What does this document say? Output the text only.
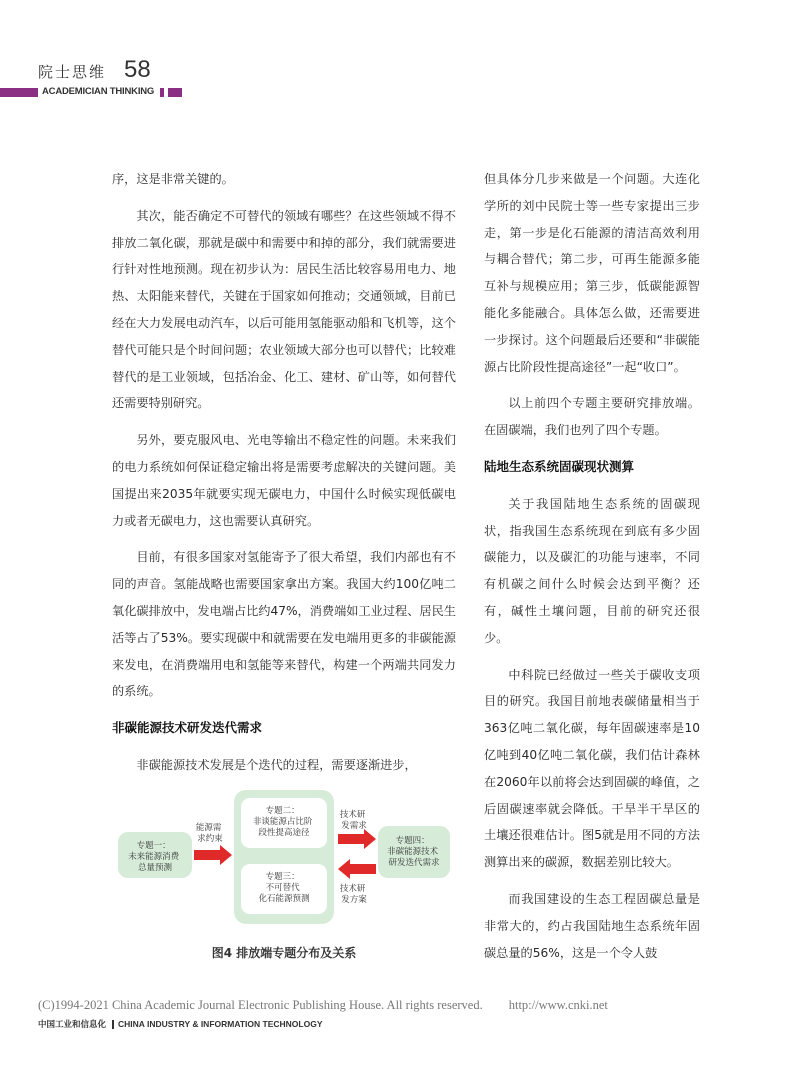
院士思维 58
ACADEMICIAN THINKING

序，这是非常关键的。

其次，能否确定不可替代的领域有哪些？在这些领域不得不排放二氧化碳，那就是碳中和需要中和掉的部分，我们就需要进行针对性地预测。现在初步认为：居民生活比较容易用电力、地热、太阳能来替代，关键在于国家如何推动；交通领域，目前已经在大力发展电动汽车，以后可能用氢能驱动船和飞机等，这个替代可能只是个时间问题；农业领域大部分也可以替代；比较难替代的是工业领域，包括冶金、化工、建材、矿山等，如何替代还需要特别研究。

另外，要克服风电、光电等输出不稳定性的问题。未来我们的电力系统如何保证稳定输出将是需要考虑解决的关键问题。美国提出来2035年就要实现无碳电力，中国什么时候实现低碳电力或者无碳电力，这也需要认真研究。

目前，有很多国家对氢能寄予了很大希望，我们内部也有不同的声音。氢能战略也需要国家拿出方案。我国大约100亿吨二氧化碳排放中，发电端占比约47%，消费端如工业过程、居民生活等占了53%。要实现碳中和就需要在发电端用更多的非碳能源来发电，在消费端用电和氢能等来替代，构建一个两端共同发力的系统。

非碳能源技术研发迭代需求

非碳能源技术发展是个迭代的过程，需要逐渐进步，

但具体分几步来做是一个问题。大连化学所的刘中民院士等一些专家提出三步走，第一步是化石能源的清洁高效利用与耦合替代；第二步，可再生能源多能互补与规模应用；第三步，低碳能源智能化多能融合。具体怎么做，还需要进一步探讨。这个问题最后还要和“非碳能源占比阶段性提高途径”一起“收口”。

以上前四个专题主要研究排放端。在固碳端，我们也列了四个专题。

陆地生态系统固碳现状测算

关于我国陆地生态系统的固碳现状，指我国生态系统现在到底有多少固碳能力，以及碳汇的功能与速率，不同有机碳之间什么时候会达到平衡？还有，碱性土壤问题，目前的研究还很少。

中科院已经做过一些关于碳收支项目的研究。我国目前地表碳储量相当于363亿吨二氧化碳，每年固碳速率是10亿吨到40亿吨二氧化碳，我们估计森林在2060年以前将会达到固碳的峰值，之后固碳速率就会降低。干旱半干旱区的土壤还很难估计。图5就是用不同的方法测算出来的碳源，数据差别比较大。

而我国建设的生态工程固碳总量是非常大的，约占我国陆地生态系统年固碳总量的56%，这是一个令人鼓

专题一： 未来能源消费 总量预测
能源需 求约束
专题二： 非谈能源占比阶 段性提高途径
专题三： 不可替代 化石能源预测
技术研 发需求
技术研 发方案
专题四： 非碳能源技术 研发迭代需求
图4 排放端专题分布及关系
(C)1994-2021 China Academic Journal Electronic Publishing House. All rights reserved. http://www.cnki.net
中国工业和信息化 CHINA INDUSTRY & INFORMATION TECHNOLOGY
